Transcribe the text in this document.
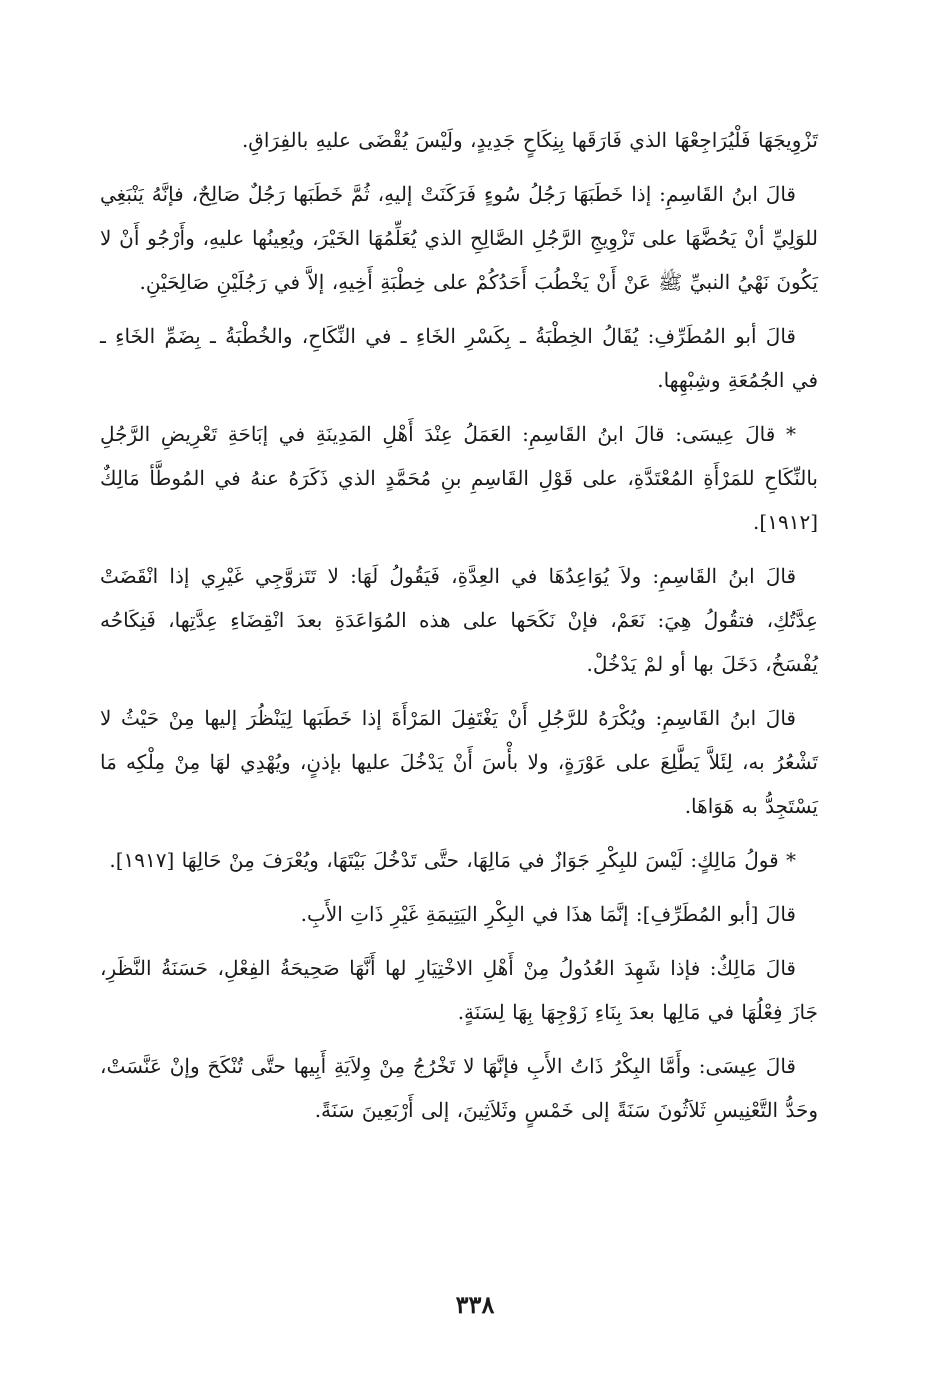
تَزْوِيجَهَا فَلْيُرَاجِعْهَا الذي فَارَقَها بِنِكَاحٍ جَدِيدٍ، ولَيْسَ يُقْضَى عليهِ بالفِرَاقِ.

قالَ ابنُ القَاسِمِ: إذا خَطَبَهَا رَجُلُ سُوءٍ فَرَكَنَتْ إليهِ، ثُمَّ خَطَبَها رَجُلٌ صَالِحٌ، فإنَّهُ يَنْبَغِي للوَلِيِّ أنْ يَحُضَّهَا على تَزْوِيجِ الرَّجُلِ الصَّالِحِ الذي يُعَلِّمُهَا الخَيْرَ، ويُعِينُها عليهِ، وأَرْجُو أَنْ لا يَكُونَ نَهْيُ النبيِّ ﷺ عَنْ أَنْ يَخْطُبَ أَحَدُكُمْ على خِطْبَةِ أَخِيهِ، إلاَّ في رَجُلَيْنِ صَالِحَيْنِ.

قالَ أبو المُطَرِّفِ: يُقَالُ الخِطْبَةُ ـ بِكَسْرِ الخَاءِ ـ في النِّكَاحِ، والخُطْبَةُ ـ بِضَمِّ الخَاءِ ـ في الجُمُعَةِ وشِبْهِها.

* قالَ عِيسَى: قالَ ابنُ القَاسِمِ: العَمَلُ عِنْدَ أَهْلِ المَدِينَةِ في إبَاحَةِ تَعْرِيضِ الرَّجُلِ بالنِّكَاحِ للمَرْأَةِ المُعْتَدَّةِ، على قَوْلِ القَاسِمِ بنِ مُحَمَّدٍ الذي ذَكَرَهُ عنهُ في المُوطَّأ مَالِكٌ [١٩١٢].

قالَ ابنُ القَاسِمِ: ولاَ يُوَاعِدُهَا في العِدَّةِ، فَيَقُولُ لَهَا: لا تَتَزوَّجِي غَيْرِي إذا انْقَضَتْ عِدَّتُكِ، فتقُولُ هِيَ: نَعَمْ، فإنْ نَكَحَها على هذه المُوَاعَدَةِ بعدَ انْقِضَاءِ عِدَّتِها، فَنِكَاحُه يُفْسَخُ، دَخَلَ بها أو لمْ يَدْخُلْ.

قالَ ابنُ القَاسِمِ: ويُكْرَهُ للرَّجُلِ أَنْ يَغْتَفِلَ المَرْأَةَ إذا خَطَبَها لِيَنْظُرَ إليها مِنْ حَيْثُ لا تَشْعُرُ به، لِئَلاَّ يَطَّلِعَ على عَوْرَةٍ، ولا بأْسَ أَنْ يَدْخُلَ عليها بإذنٍ، ويُهْدِي لهَا مِنْ مِلْكِه مَا يَسْتَجِدُّ به هَوَاهَا.

* قولُ مَالِكٍ: لَيْسَ للبِكْرِ جَوَازٌ في مَالِهَا، حتَّى تَدْخُلَ بَيْتَهَا، ويُعْرَفَ مِنْ حَالِهَا [١٩١٧].

قالَ [أبو المُطَرِّفِ]: إنَّمَا هذَا في البِكْرِ اليَتِيمَةِ غَيْرِ ذَاتِ الأَبِ.

قالَ مَالِكٌ: فإذا شَهِدَ العُدُولُ مِنْ أَهْلِ الاخْتِيَارِ لها أَنَّهَا صَحِيحَةُ الفِعْلِ، حَسَنَةُ النَّظَرِ، جَازَ فِعْلُهَا في مَالِها بعدَ بِنَاءِ زَوْجِهَا بِهَا لِسَنَةٍ.

قالَ عِيسَى: وأَمَّا البِكْرُ ذَاتُ الأَبِ فإنَّهَا لا تَخْرُجُ مِنْ وِلاَيَةِ أَبِيها حتَّى تُنْكَحَ وإنْ عَنَّسَتْ، وحَدُّ التَّعْنِيسِ ثَلاَثُونَ سَنَةً إلى خَمْسٍ وثَلاَثِينَ، إلى أَرْبَعِينَ سَنَةً.

٣٣٨
